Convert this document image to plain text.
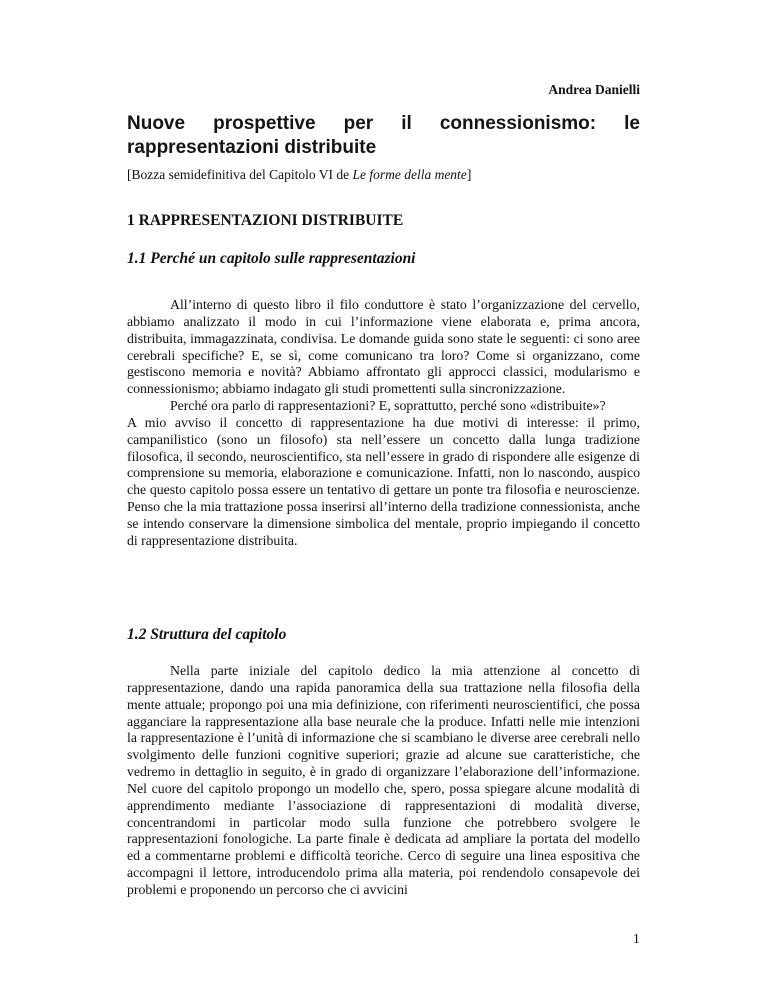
Andrea Danielli
Nuove prospettive per il connessionismo: le rappresentazioni distribuite

[Bozza semidefinitiva del Capitolo VI de Le forme della mente]

1 RAPPRESENTAZIONI DISTRIBUITE
1.1 Perché un capitolo sulle rappresentazioni

All’interno di questo libro il filo conduttore è stato l’organizzazione del cervello, abbiamo analizzato il modo in cui l’informazione viene elaborata e, prima ancora, distribuita, immagazzinata, condivisa. Le domande guida sono state le seguenti: ci sono aree cerebrali specifiche? E, se sì, come comunicano tra loro? Come si organizzano, come gestiscono memoria e novità? Abbiamo affrontato gli approcci classici, modularismo e connessionismo; abbiamo indagato gli studi promettenti sulla sincronizzazione.

Perché ora parlo di rappresentazioni? E, soprattutto, perché sono «distribuite»?

A mio avviso il concetto di rappresentazione ha due motivi di interesse: il primo, campanilistico (sono un filosofo) sta nell’essere un concetto dalla lunga tradizione filosofica, il secondo, neuroscientifico, sta nell’essere in grado di rispondere alle esigenze di comprensione su memoria, elaborazione e comunicazione. Infatti, non lo nascondo, auspico che questo capitolo possa essere un tentativo di gettare un ponte tra filosofia e neuroscienze. Penso che la mia trattazione possa inserirsi all’interno della tradizione connessionista, anche se intendo conservare la dimensione simbolica del mentale, proprio impiegando il concetto di rappresentazione distribuita.

1.2 Struttura del capitolo

Nella parte iniziale del capitolo dedico la mia attenzione al concetto di rappresentazione, dando una rapida panoramica della sua trattazione nella filosofia della mente attuale; propongo poi una mia definizione, con riferimenti neuroscientifici, che possa agganciare la rappresentazione alla base neurale che la produce. Infatti nelle mie intenzioni la rappresentazione è l’unità di informazione che si scambiano le diverse aree cerebrali nello svolgimento delle funzioni cognitive superiori; grazie ad alcune sue caratteristiche, che vedremo in dettaglio in seguito, è in grado di organizzare l’elaborazione dell’informazione. Nel cuore del capitolo propongo un modello che, spero, possa spiegare alcune modalità di apprendimento mediante l’associazione di rappresentazioni di modalità diverse, concentrandomi in particolar modo sulla funzione che potrebbero svolgere le rappresentazioni fonologiche. La parte finale è dedicata ad ampliare la portata del modello ed a commentarne problemi e difficoltà teoriche. Cerco di seguire una linea espositiva che accompagni il lettore, introducendolo prima alla materia, poi rendendolo consapevole dei problemi e proponendo un percorso che ci avvicini

1
